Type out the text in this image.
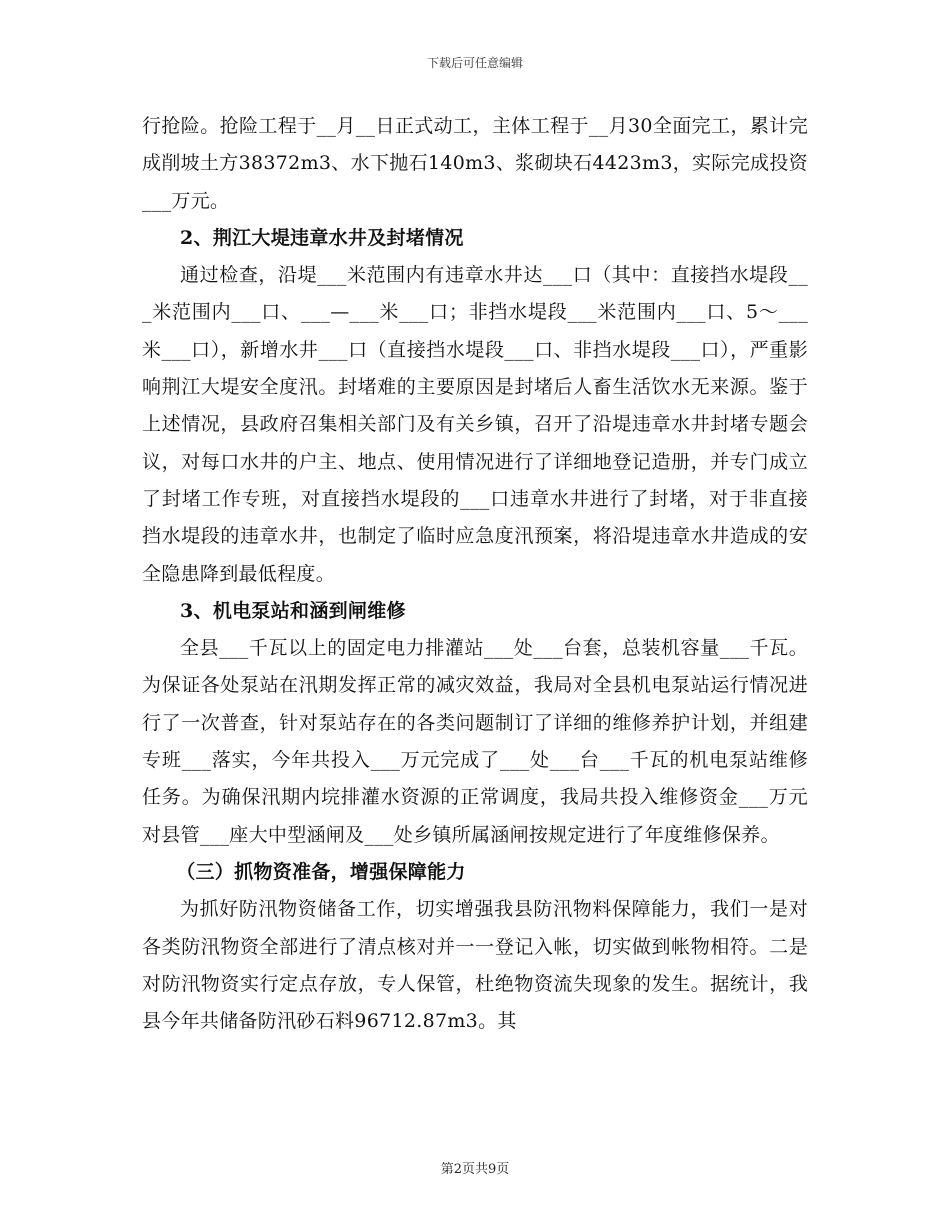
下载后可任意编辑

行抢险。抢险工程于__月__日正式动工，主体工程于__月30全面完工，累计完成削坡土方38372m3、水下抛石140m3、浆砌块石4423m3，实际完成投资___万元。

2、荆江大堤违章水井及封堵情况

通过检查，沿堤___米范围内有违章水井达___口（其中：直接挡水堤段___米范围内___口、___—___米___口；非挡水堤段___米范围内___口、5～___米___口），新增水井___口（直接挡水堤段___口、非挡水堤段___口），严重影响荆江大堤安全度汛。封堵难的主要原因是封堵后人畜生活饮水无来源。鉴于上述情况，县政府召集相关部门及有关乡镇，召开了沿堤违章水井封堵专题会议，对每口水井的户主、地点、使用情况进行了详细地登记造册，并专门成立了封堵工作专班，对直接挡水堤段的___口违章水井进行了封堵，对于非直接挡水堤段的违章水井，也制定了临时应急度汛预案，将沿堤违章水井造成的安全隐患降到最低程度。

3、机电泵站和涵到闸维修

全县___千瓦以上的固定电力排灌站___处___台套，总装机容量___千瓦。为保证各处泵站在汛期发挥正常的减灾效益，我局对全县机电泵站运行情况进行了一次普查，针对泵站存在的各类问题制订了详细的维修养护计划，并组建专班___落实，今年共投入___万元完成了___处___台___千瓦的机电泵站维修任务。为确保汛期内垸排灌水资源的正常调度，我局共投入维修资金___万元对县管___座大中型涵闸及___处乡镇所属涵闸按规定进行了年度维修保养。

（三）抓物资准备，增强保障能力

为抓好防汛物资储备工作，切实增强我县防汛物料保障能力，我们一是对各类防汛物资全部进行了清点核对并一一登记入帐，切实做到帐物相符。二是对防汛物资实行定点存放，专人保管，杜绝物资流失现象的发生。据统计，我县今年共储备防汛砂石料96712.87m3。其

第2页共9页
